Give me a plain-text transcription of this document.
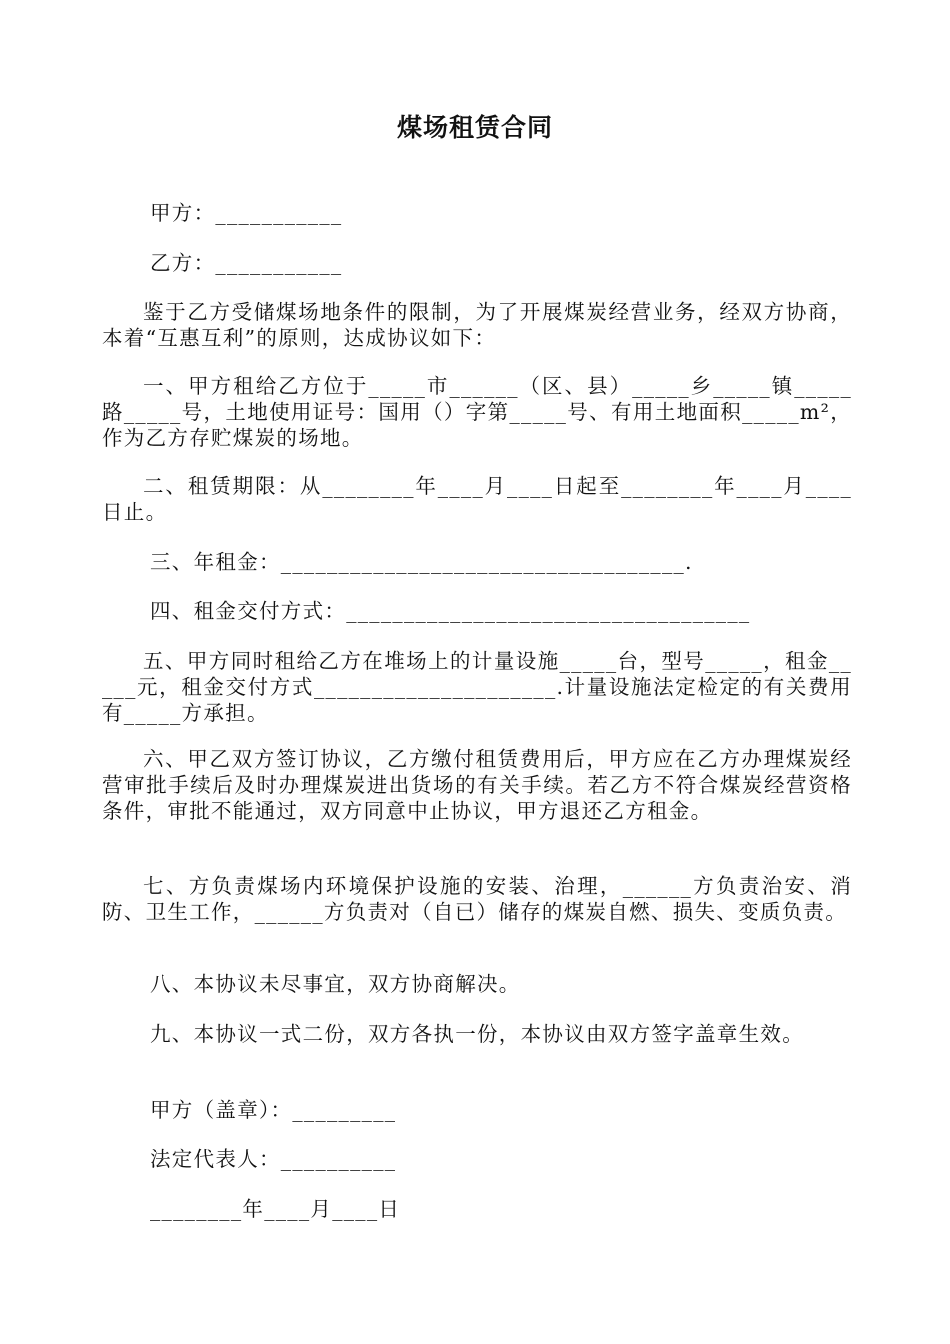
煤场租赁合同
甲方：___________
乙方：___________
鉴于乙方受储煤场地条件的限制，为了开展煤炭经营业务，经双方协商，本着“互惠互利”的原则，达成协议如下：
一、甲方租给乙方位于_____市______（区、县）_____乡_____镇_____路_____号，土地使用证号：国用（）字第_____号、有用土地面积_____m²，作为乙方存贮煤炭的场地。
二、租赁期限：从________年____月____日起至________年____月____日止。
三、年租金：___________________________________.
四、租金交付方式：___________________________________
五、甲方同时租给乙方在堆场上的计量设施_____台，型号_____，租金_____元，租金交付方式_____________________.计量设施法定检定的有关费用有_____方承担。
六、甲乙双方签订协议，乙方缴付租赁费用后，甲方应在乙方办理煤炭经营审批手续后及时办理煤炭进出货场的有关手续。若乙方不符合煤炭经营资格条件，审批不能通过，双方同意中止协议，甲方退还乙方租金。
七、方负责煤场内环境保护设施的安装、治理，______方负责治安、消防、卫生工作，______方负责对（自已）储存的煤炭自燃、损失、变质负责。
八、本协议未尽事宜，双方协商解决。
九、本协议一式二份，双方各执一份，本协议由双方签字盖章生效。
甲方（盖章）：_________
法定代表人：__________
________年____月____日
